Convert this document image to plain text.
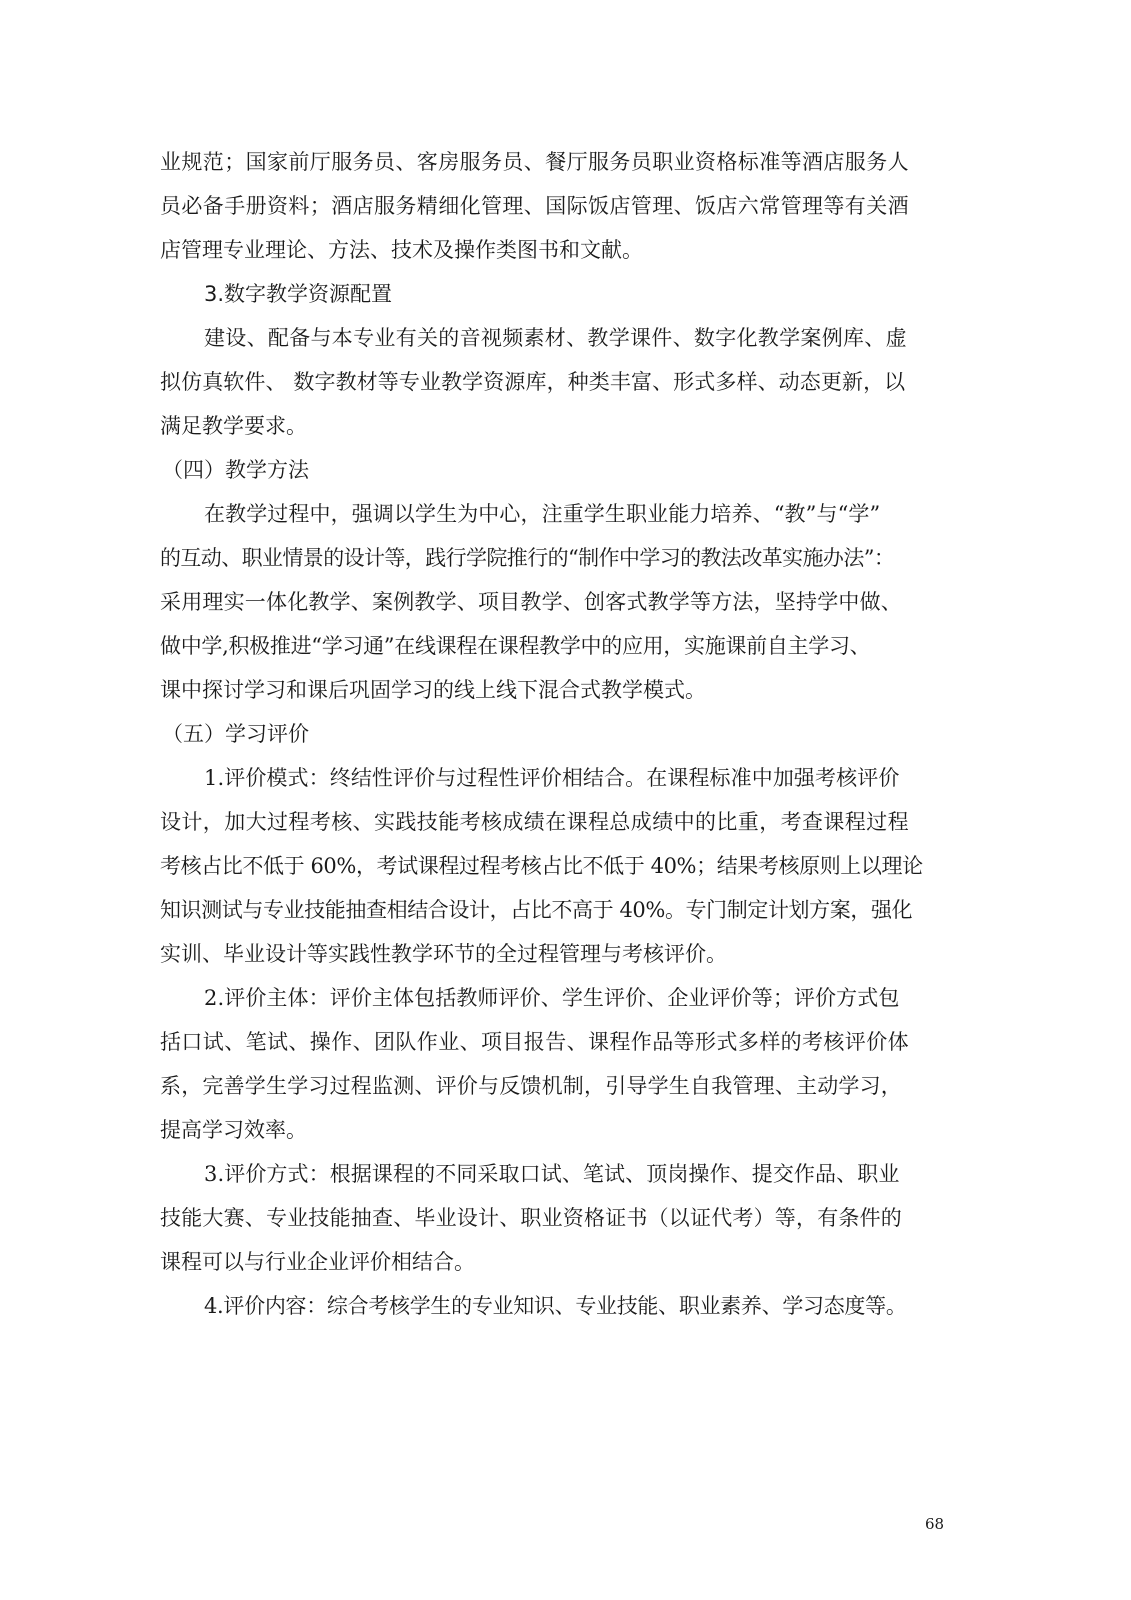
业规范；国家前厅服务员、客房服务员、餐厅服务员职业资格标准等酒店服务人

员必备手册资料；酒店服务精细化管理、国际饭店管理、饭店六常管理等有关酒

店管理专业理论、方法、技术及操作类图书和文献。

3.数字教学资源配置

建设、配备与本专业有关的音视频素材、教学课件、数字化教学案例库、虚

拟仿真软件、 数字教材等专业教学资源库，种类丰富、形式多样、动态更新，以

满足教学要求。

（四）教学方法

在教学过程中，强调以学生为中心，注重学生职业能力培养、“教”与“学”

的互动、职业情景的设计等，践行学院推行的“制作中学习的教法改革实施办法”：

采用理实一体化教学、案例教学、项目教学、创客式教学等方法，坚持学中做、

做中学,积极推进“学习通”在线课程在课程教学中的应用，实施课前自主学习、

课中探讨学习和课后巩固学习的线上线下混合式教学模式。

（五）学习评价

1.评价模式：终结性评价与过程性评价相结合。在课程标准中加强考核评价

设计，加大过程考核、实践技能考核成绩在课程总成绩中的比重，考查课程过程

考核占比不低于 60%，考试课程过程考核占比不低于 40%；结果考核原则上以理论

知识测试与专业技能抽查相结合设计，占比不高于 40%。专门制定计划方案，强化

实训、毕业设计等实践性教学环节的全过程管理与考核评价。

2.评价主体：评价主体包括教师评价、学生评价、企业评价等；评价方式包

括口试、笔试、操作、团队作业、项目报告、课程作品等形式多样的考核评价体

系，完善学生学习过程监测、评价与反馈机制，引导学生自我管理、主动学习，

提高学习效率。

3.评价方式：根据课程的不同采取口试、笔试、顶岗操作、提交作品、职业

技能大赛、专业技能抽查、毕业设计、职业资格证书（以证代考）等，有条件的

课程可以与行业企业评价相结合。

4.评价内容：综合考核学生的专业知识、专业技能、职业素养、学习态度等。

68
